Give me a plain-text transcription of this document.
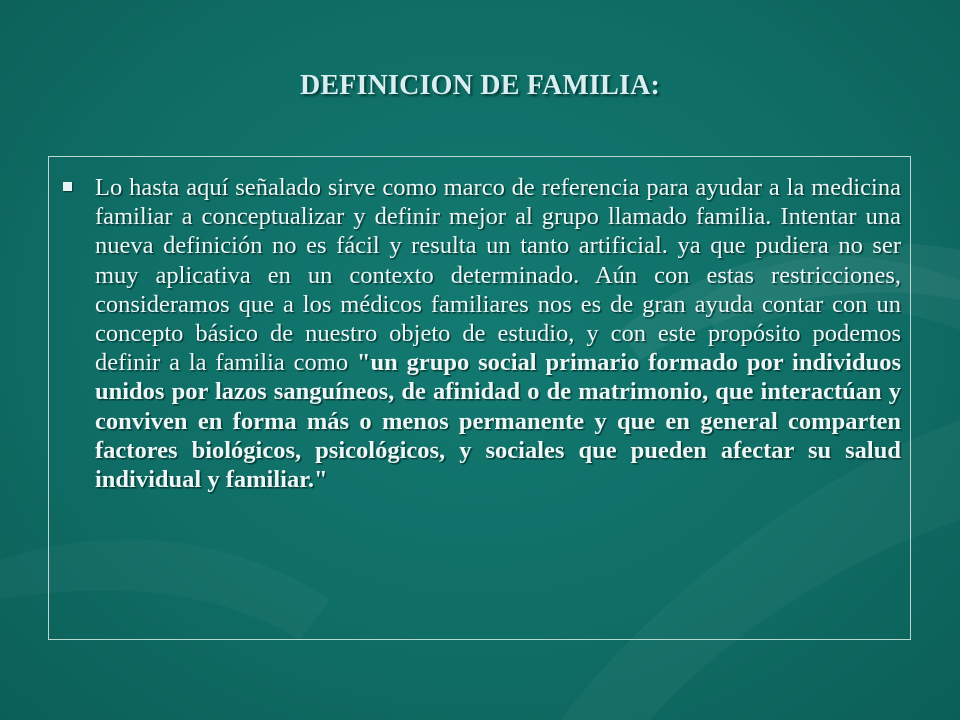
DEFINICION DE FAMILIA:
Lo hasta aquí señalado sirve como marco de referencia para ayudar a la medicina familiar a conceptualizar y definir mejor al grupo llamado familia. Intentar una nueva definición no es fácil y resulta un tanto artificial. ya que pudiera no ser muy aplicativa en un contexto determinado. Aún con estas restricciones, consideramos que a los médicos familiares nos es de gran ayuda contar con un concepto básico de nuestro objeto de estudio, y con este propósito podemos definir a la familia como "un grupo social primario formado por individuos unidos por lazos sanguíneos, de afinidad o de matrimonio, que interactúan y conviven en forma más o menos permanente y que en general comparten factores biológicos, psicológicos, y sociales que pueden afectar su salud individual y familiar."
